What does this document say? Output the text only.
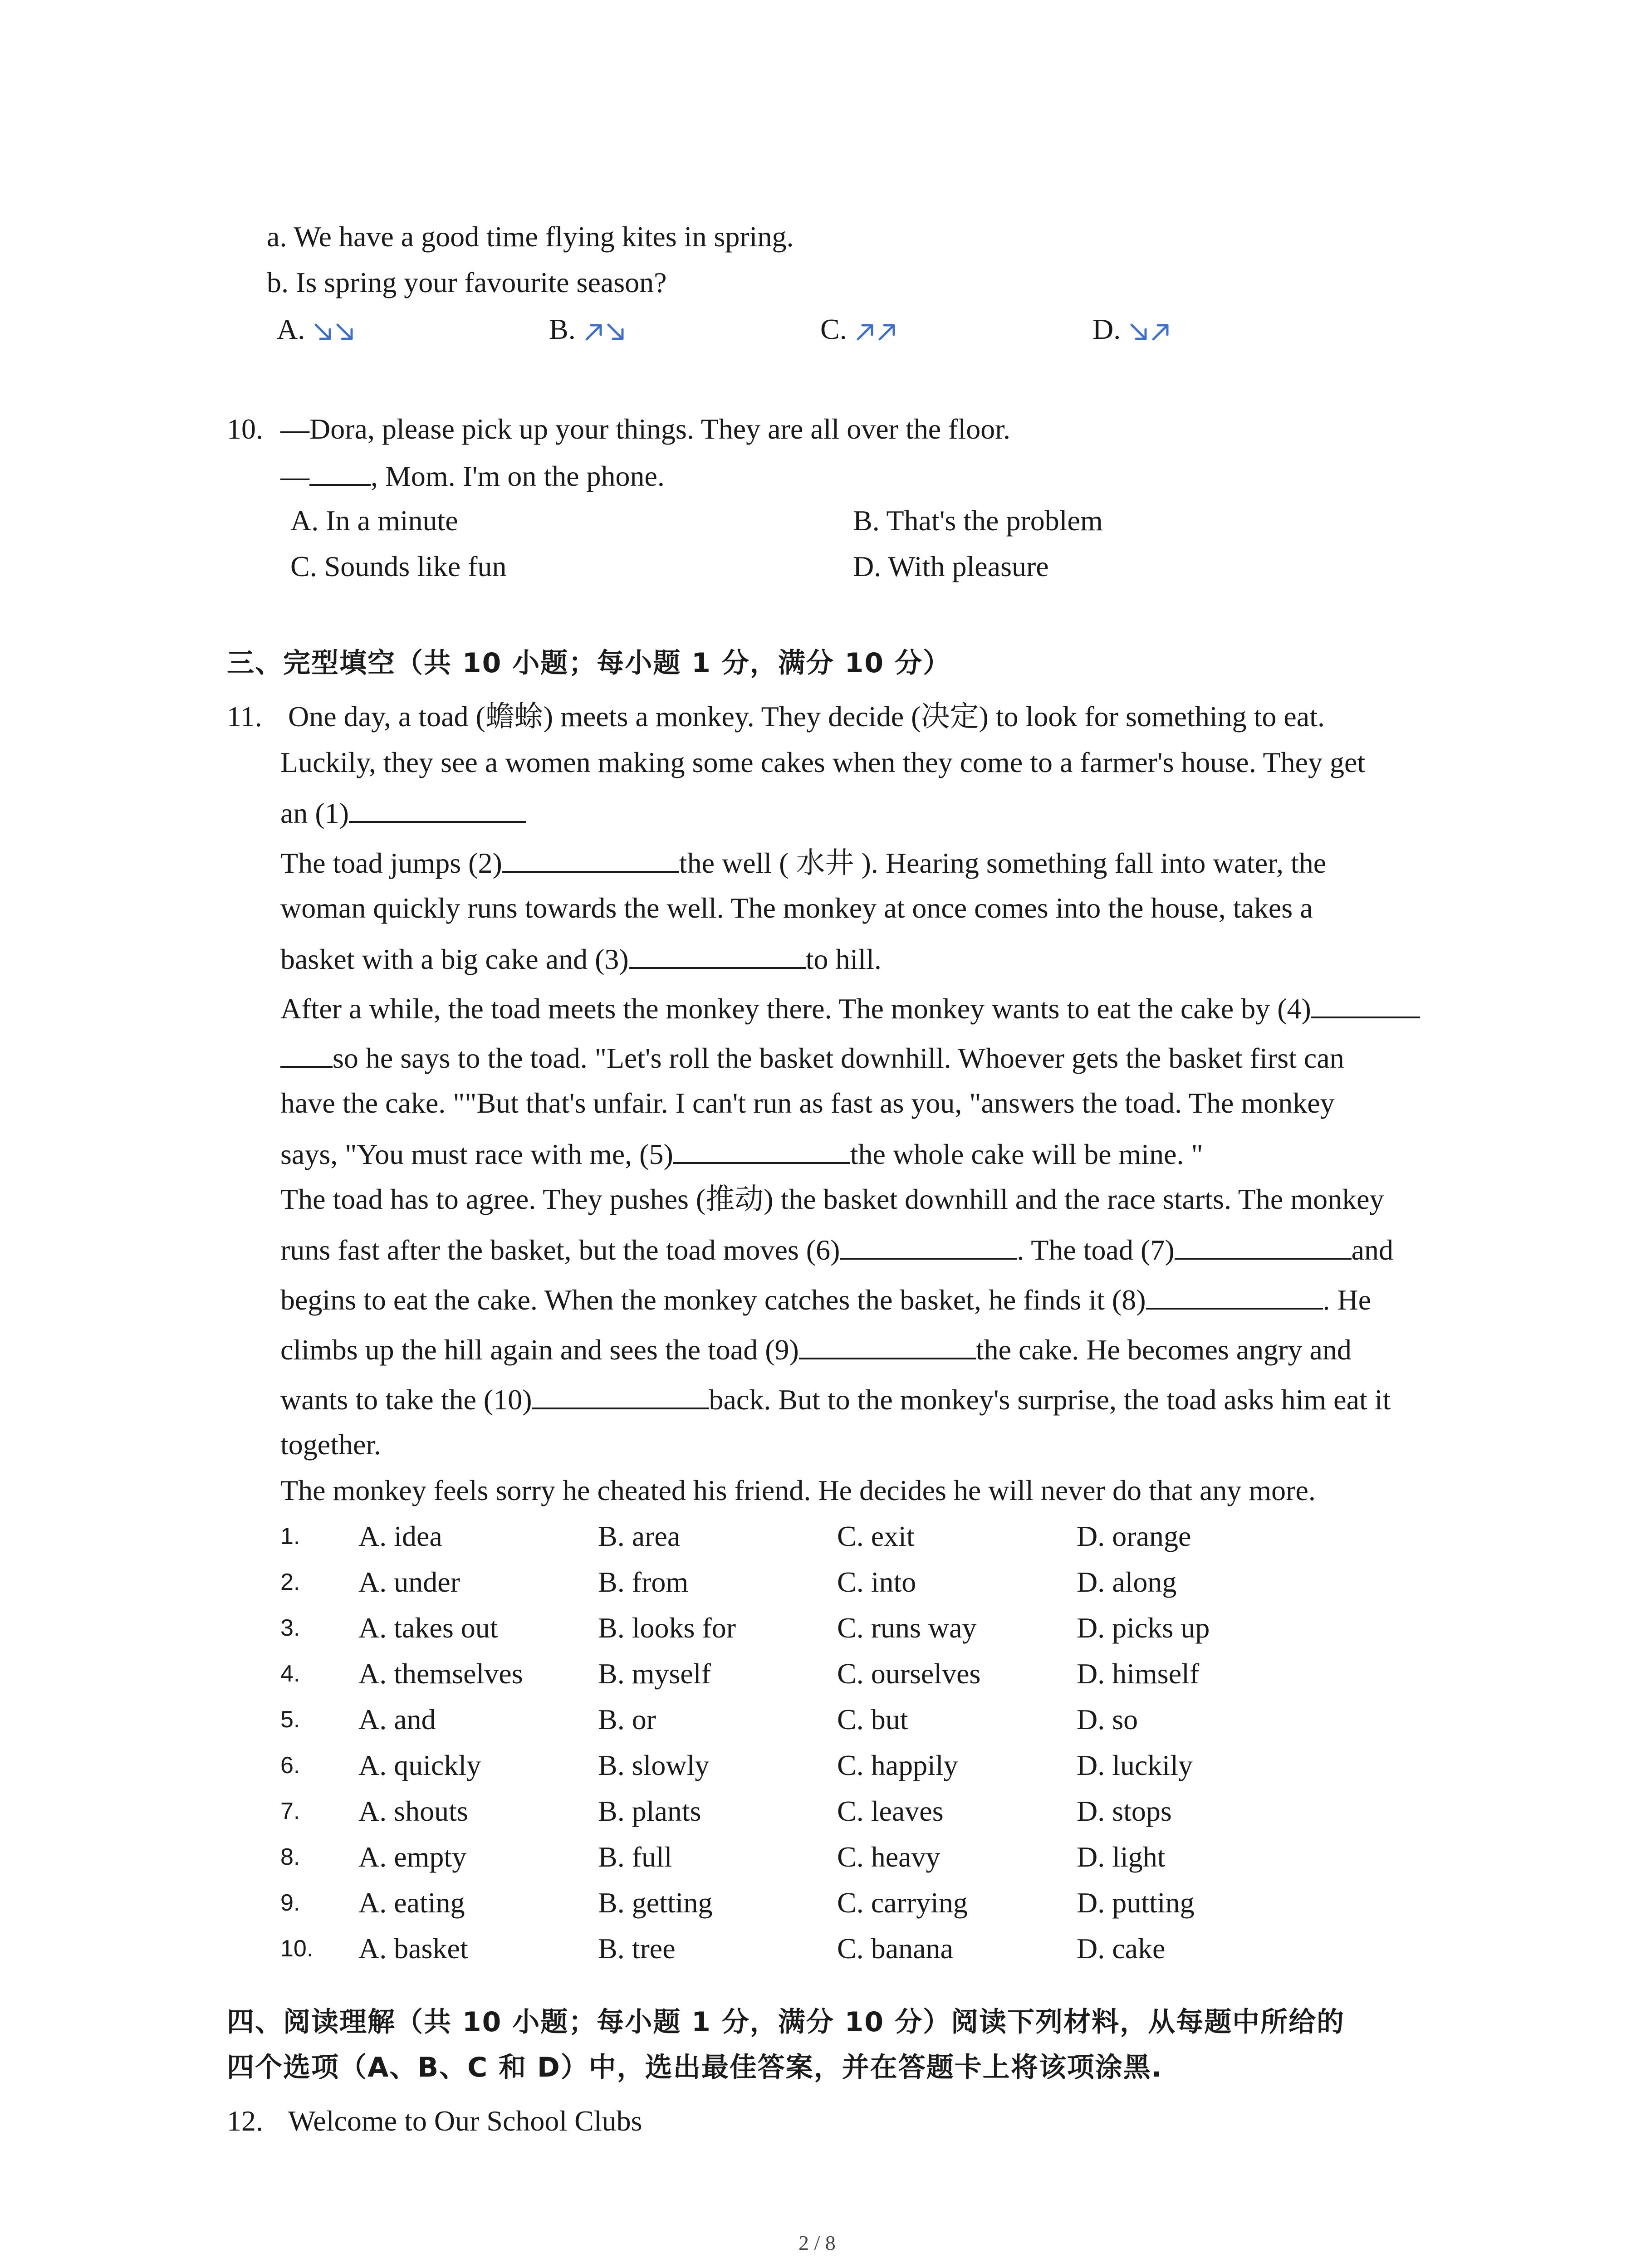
a. We have a good time flying kites in spring.
b. Is spring your favourite season?
A.	B.	C.	D.
10. —Dora, please pick up your things. They are all over the floor.
— , Mom. I'm on the phone.
A. In a minute	B. That's the problem
C. Sounds like fun	D. With pleasure
三、完型填空（共 10 小题；每小题 1 分，满分 10 分）
11. One day, a toad (蟾蜍) meets a monkey. They decide (决定) to look for something to eat.
Luckily, they see a women making some cakes when they come to a farmer's house. They get
an (1)
The toad jumps (2)	the well ( 水井 ). Hearing something fall into water, the
woman quickly runs towards the well. The monkey at once comes into the house, takes a
basket with a big cake and (3)	to hill.
After a while, the toad meets the monkey there. The monkey wants to eat the cake by (4)
so he says to the toad. "Let's roll the basket downhill. Whoever gets the basket first can
have the cake. ""But that's unfair. I can't run as fast as you, "answers the toad. The monkey
says, "You must race with me, (5)	the whole cake will be mine. "
The toad has to agree. They pushes (推动) the basket downhill and the race starts. The monkey
runs fast after the basket, but the toad moves (6)	. The toad (7)	and
begins to eat the cake. When the monkey catches the basket, he finds it (8)	. He
climbs up the hill again and sees the toad (9)	the cake. He becomes angry and
wants to take the (10)	back. But to the monkey's surprise, the toad asks him eat it
together.
The monkey feels sorry he cheated his friend. He decides he will never do that any more.
1. A. idea	B. area	C. exit	D. orange
2. A. under	B. from	C. into	D. along
3. A. takes out	B. looks for	C. runs way	D. picks up
4. A. themselves	B. myself	C. ourselves	D. himself
5. A. and	B. or	C. but	D. so
6. A. quickly	B. slowly	C. happily	D. luckily
7. A. shouts	B. plants	C. leaves	D. stops
8. A. empty	B. full	C. heavy	D. light
9. A. eating	B. getting	C. carrying	D. putting
10. A. basket	B. tree	C. banana	D. cake
四、阅读理解（共 10 小题；每小题 1 分，满分 10 分）阅读下列材料，从每题中所给的
四个选项（A、B、C 和 D）中，选出最佳答案，并在答题卡上将该项涂黑.
12. Welcome to Our School Clubs
2 / 8
